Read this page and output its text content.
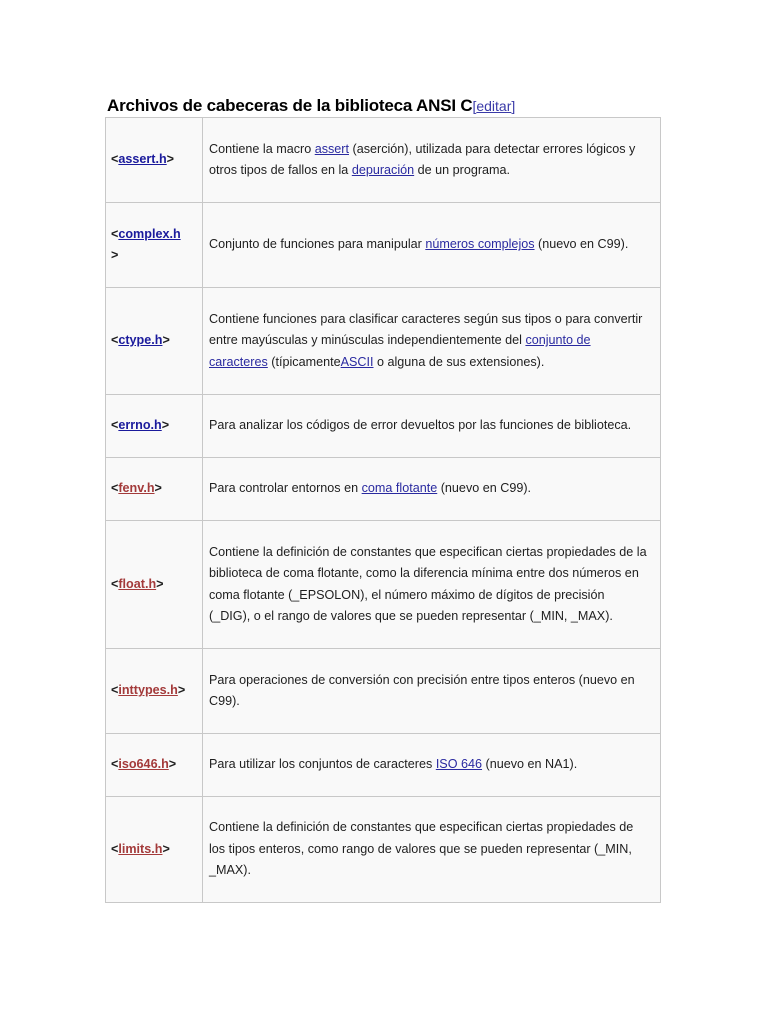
Archivos de cabeceras de la biblioteca ANSI C[editar]
<assert.h>	Contiene la macro assert (aserción), utilizada para detectar errores lógicos y otros tipos de fallos en la depuración de un programa.
<complex.h
>	Conjunto de funciones para manipular números complejos (nuevo en C99).
<ctype.h>	Contiene funciones para clasificar caracteres según sus tipos o para convertir entre mayúsculas y minúsculas independientemente del conjunto de caracteres (típicamenteASCII o alguna de sus extensiones).
<errno.h>	Para analizar los códigos de error devueltos por las funciones de biblioteca.
<fenv.h>	Para controlar entornos en coma flotante (nuevo en C99).
<float.h>	Contiene la definición de constantes que especifican ciertas propiedades de la biblioteca de coma flotante, como la diferencia mínima entre dos números en coma flotante (_EPSOLON), el número máximo de dígitos de precisión (_DIG), o el rango de valores que se pueden representar (_MIN, _MAX).
<inttypes.h>	Para operaciones de conversión con precisión entre tipos enteros (nuevo en C99).
<iso646.h>	Para utilizar los conjuntos de caracteres ISO 646 (nuevo en NA1).
<limits.h>	Contiene la definición de constantes que especifican ciertas propiedades de los tipos enteros, como rango de valores que se pueden representar (_MIN, _MAX).
